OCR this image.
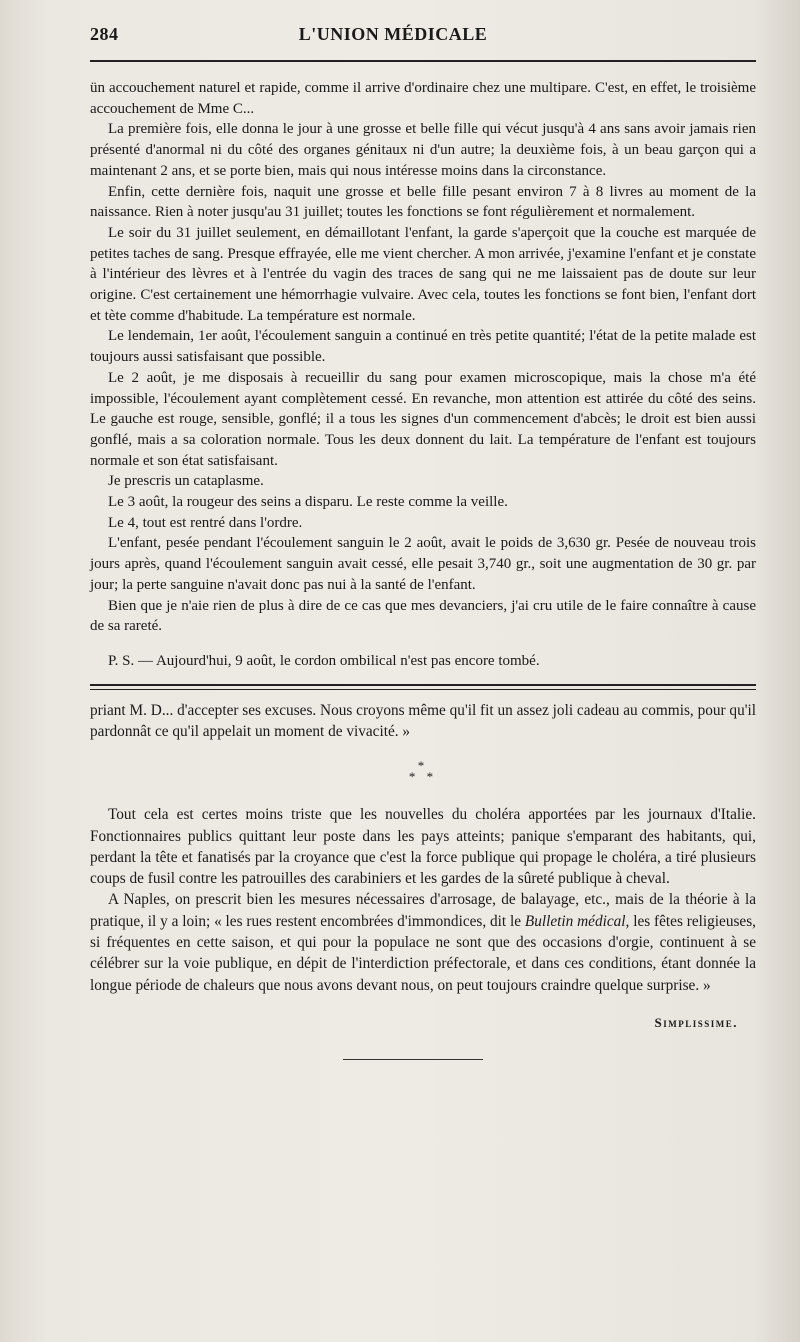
284	L'UNION MÉDICALE

ün accouchement naturel et rapide, comme il arrive d'ordinaire chez une multipare. C'est, en effet, le troisième accouchement de Mme C...

La première fois, elle donna le jour à une grosse et belle fille qui vécut jusqu'à 4 ans sans avoir jamais rien présenté d'anormal ni du côté des organes génitaux ni d'un autre; la deuxième fois, à un beau garçon qui a maintenant 2 ans, et se porte bien, mais qui nous intéresse moins dans la circonstance.

Enfin, cette dernière fois, naquit une grosse et belle fille pesant environ 7 à 8 livres au moment de la naissance. Rien à noter jusqu'au 31 juillet; toutes les fonctions se font régulièrement et normalement.

Le soir du 31 juillet seulement, en démaillotant l'enfant, la garde s'aperçoit que la couche est marquée de petites taches de sang. Presque effrayée, elle me vient chercher. A mon arrivée, j'examine l'enfant et je constate à l'intérieur des lèvres et à l'entrée du vagin des traces de sang qui ne me laissaient pas de doute sur leur origine. C'est certainement une hémorrhagie vulvaire. Avec cela, toutes les fonctions se font bien, l'enfant dort et tète comme d'habitude. La température est normale.

Le lendemain, 1er août, l'écoulement sanguin a continué en très petite quantité; l'état de la petite malade est toujours aussi satisfaisant que possible.

Le 2 août, je me disposais à recueillir du sang pour examen microscopique, mais la chose m'a été impossible, l'écoulement ayant complètement cessé. En revanche, mon attention est attirée du côté des seins. Le gauche est rouge, sensible, gonflé; il a tous les signes d'un commencement d'abcès; le droit est bien aussi gonflé, mais a sa coloration normale. Tous les deux donnent du lait. La température de l'enfant est toujours normale et son état satisfaisant.

Je prescris un cataplasme.

Le 3 août, la rougeur des seins a disparu. Le reste comme la veille.

Le 4, tout est rentré dans l'ordre.

L'enfant, pesée pendant l'écoulement sanguin le 2 août, avait le poids de 3,630 gr. Pesée de nouveau trois jours après, quand l'écoulement sanguin avait cessé, elle pesait 3,740 gr., soit une augmentation de 30 gr. par jour; la perte sanguine n'avait donc pas nui à la santé de l'enfant.

Bien que je n'aie rien de plus à dire de ce cas que mes devanciers, j'ai cru utile de le faire connaître à cause de sa rareté.

P. S. — Aujourd'hui, 9 août, le cordon ombilical n'est pas encore tombé.

priant M. D... d'accepter ses excuses. Nous croyons même qu'il fit un assez joli cadeau au commis, pour qu'il pardonnât ce qu'il appelait un moment de vivacité. »

*
* *

Tout cela est certes moins triste que les nouvelles du choléra apportées par les journaux d'Italie. Fonctionnaires publics quittant leur poste dans les pays atteints; panique s'emparant des habitants, qui, perdant la tête et fanatisés par la croyance que c'est la force publique qui propage le choléra, a tiré plusieurs coups de fusil contre les patrouilles des carabiniers et les gardes de la sûreté publique à cheval.

A Naples, on prescrit bien les mesures nécessaires d'arrosage, de balayage, etc., mais de la théorie à la pratique, il y a loin; « les rues restent encombrées d'immondices, dit le Bulletin médical, les fêtes religieuses, si fréquentes en cette saison, et qui pour la populace ne sont que des occasions d'orgie, continuent à se célébrer sur la voie publique, en dépit de l'interdiction préfectorale, et dans ces conditions, étant donnée la longue période de chaleurs que nous avons devant nous, on peut toujours craindre quelque surprise. »

Simplissime.
